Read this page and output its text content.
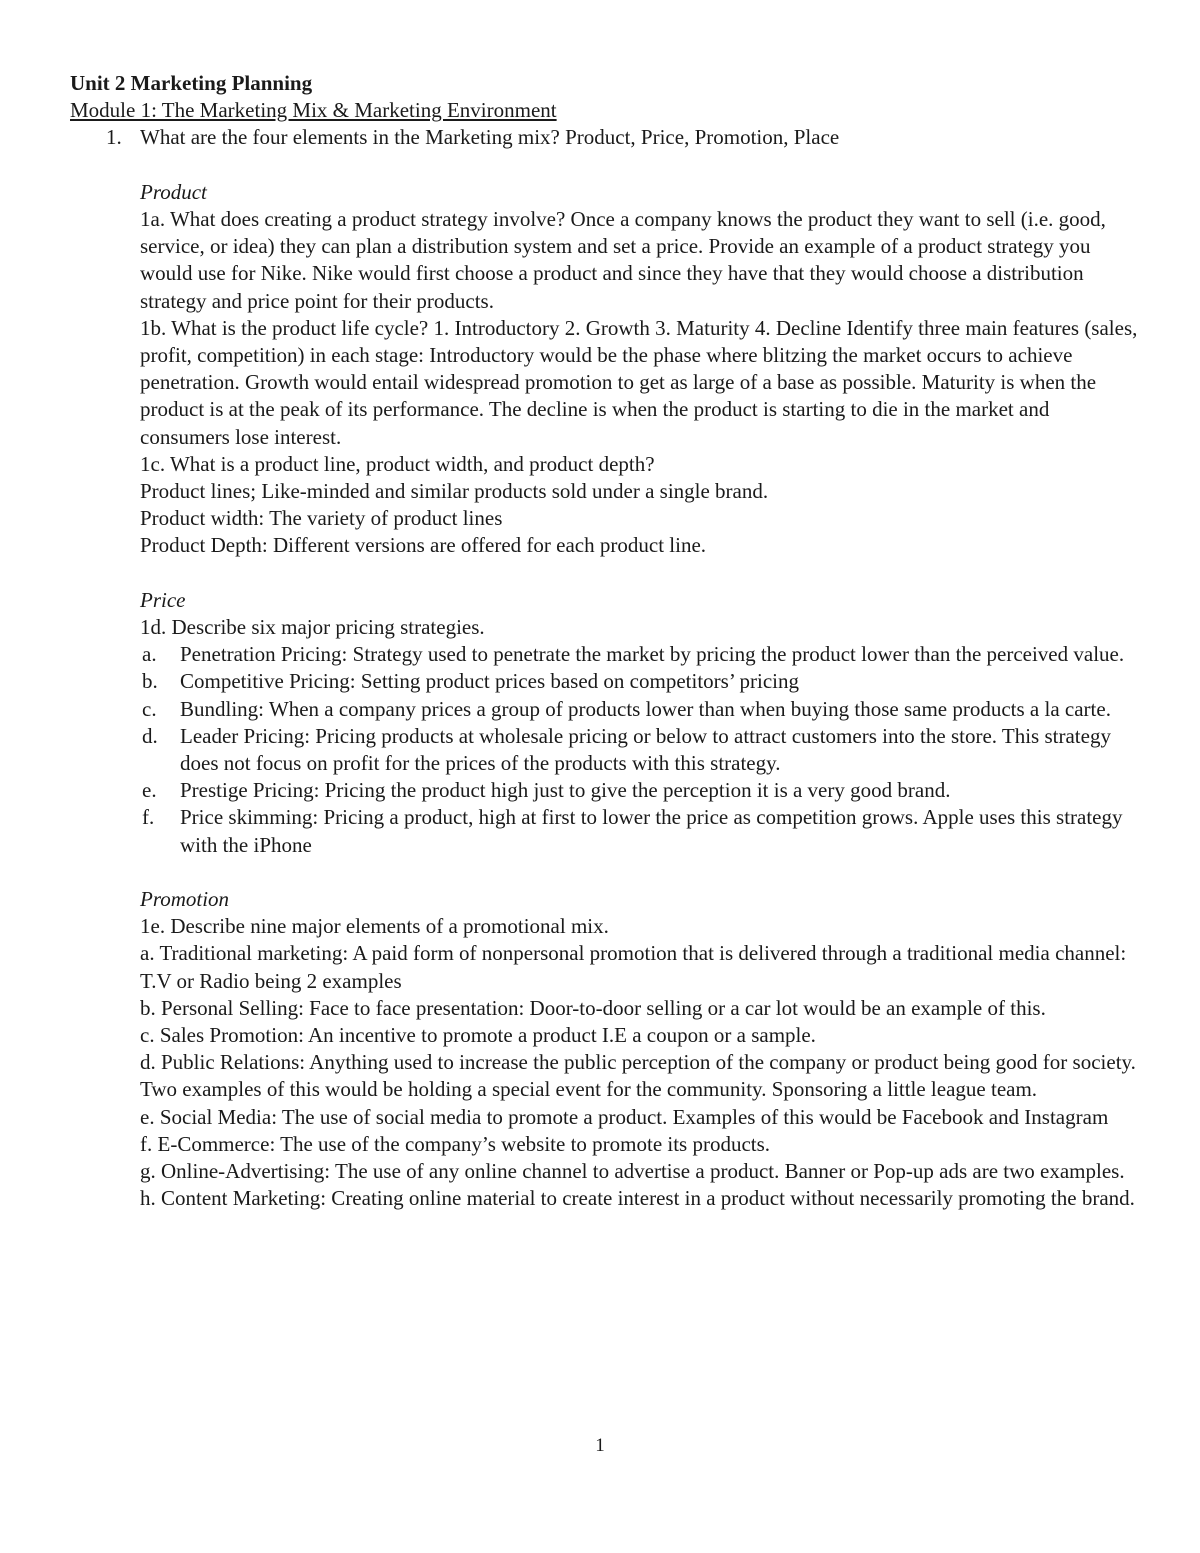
Unit 2 Marketing Planning
Module 1: The Marketing Mix & Marketing Environment
1. What are the four elements in the Marketing mix? Product, Price, Promotion, Place
Product
1a. What does creating a product strategy involve? Once a company knows the product they want to sell (i.e. good, service, or idea) they can plan a distribution system and set a price. Provide an example of a product strategy you would use for Nike. Nike would first choose a product and since they have that they would choose a distribution strategy and price point for their products.
1b. What is the product life cycle? 1. Introductory 2. Growth 3. Maturity 4. Decline Identify three main features (sales, profit, competition) in each stage: Introductory would be the phase where blitzing the market occurs to achieve penetration. Growth would entail widespread promotion to get as large of a base as possible. Maturity is when the product is at the peak of its performance. The decline is when the product is starting to die in the market and consumers lose interest.
1c. What is a product line, product width, and product depth?
Product lines; Like-minded and similar products sold under a single brand.
Product width: The variety of product lines
Product Depth: Different versions are offered for each product line.
Price
1d. Describe six major pricing strategies.
a.	Penetration Pricing: Strategy used to penetrate the market by pricing the product lower than the perceived value.
b.	Competitive Pricing: Setting product prices based on competitors’ pricing
c.	Bundling: When a company prices a group of products lower than when buying those same products a la carte.
d.	Leader Pricing: Pricing products at wholesale pricing or below to attract customers into the store. This strategy does not focus on profit for the prices of the products with this strategy.
e.	Prestige Pricing: Pricing the product high just to give the perception it is a very good brand.
f.	Price skimming: Pricing a product, high at first to lower the price as competition grows. Apple uses this strategy with the iPhone
Promotion
1e. Describe nine major elements of a promotional mix.
a. Traditional marketing: A paid form of nonpersonal promotion that is delivered through a traditional media channel: T.V or Radio being 2 examples
b. Personal Selling: Face to face presentation: Door-to-door selling or a car lot would be an example of this.
c. Sales Promotion: An incentive to promote a product I.E a coupon or a sample.
d. Public Relations: Anything used to increase the public perception of the company or product being good for society. Two examples of this would be holding a special event for the community. Sponsoring a little league team.
e. Social Media: The use of social media to promote a product. Examples of this would be Facebook and Instagram
f. E-Commerce: The use of the company’s website to promote its products.
g. Online-Advertising: The use of any online channel to advertise a product. Banner or Pop-up ads are two examples.
h. Content Marketing: Creating online material to create interest in a product without necessarily promoting the brand.
1
